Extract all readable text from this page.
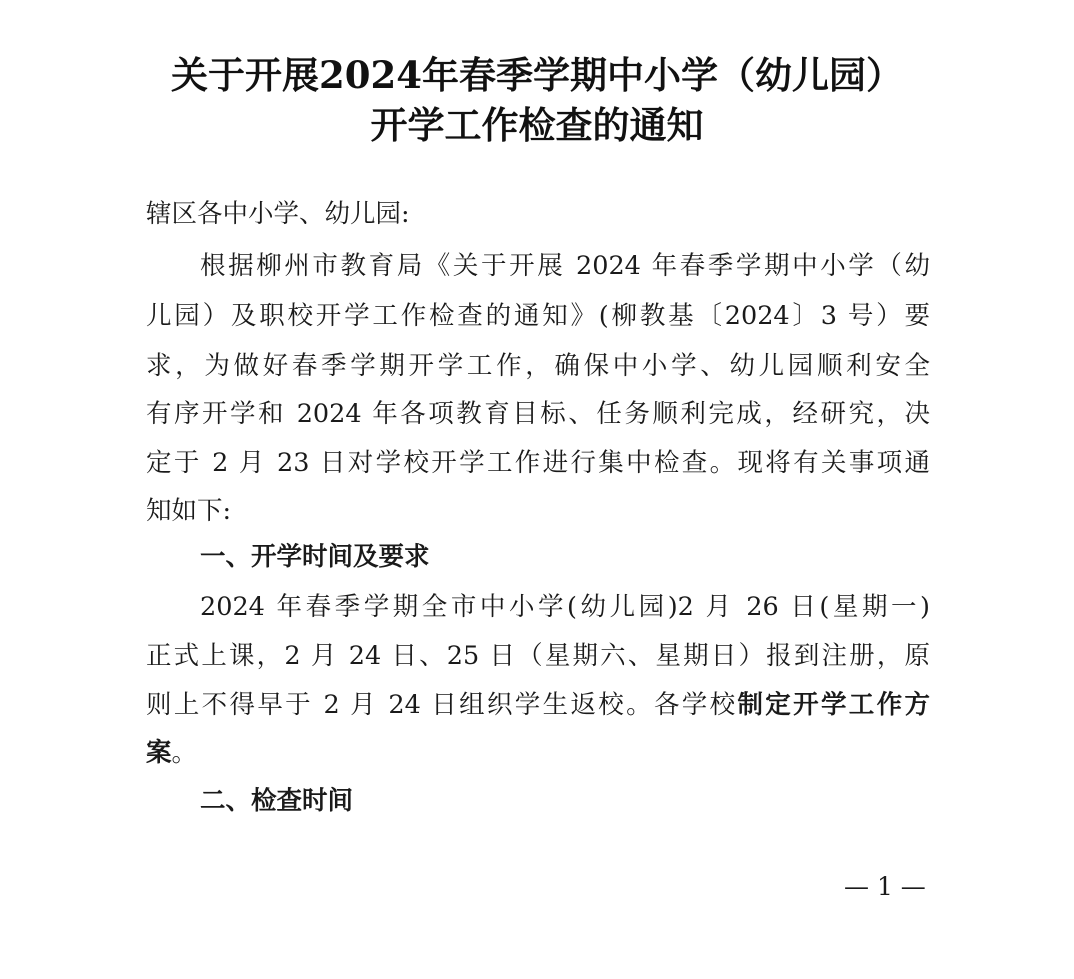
关于开展2024年春季学期中小学（幼儿园）
开学工作检查的通知
辖区各中小学、幼儿园:
根据柳州市教育局《关于开展 2024 年春季学期中小学（幼
儿园）及职校开学工作检查的通知》(柳教基〔2024〕3 号）要
求，为做好春季学期开学工作，确保中小学、幼儿园顺利安全
有序开学和 2024 年各项教育目标、任务顺利完成，经研究，决
定于 2 月 23 日对学校开学工作进行集中检查。现将有关事项通
知如下:
一、开学时间及要求
2024 年春季学期全市中小学(幼儿园)2 月 26 日(星期一)
正式上课，2 月 24 日、25 日（星期六、星期日）报到注册，原
则上不得早于 2 月 24 日组织学生返校。各学校制定开学工作方
案。
二、检查时间
— 1 —
